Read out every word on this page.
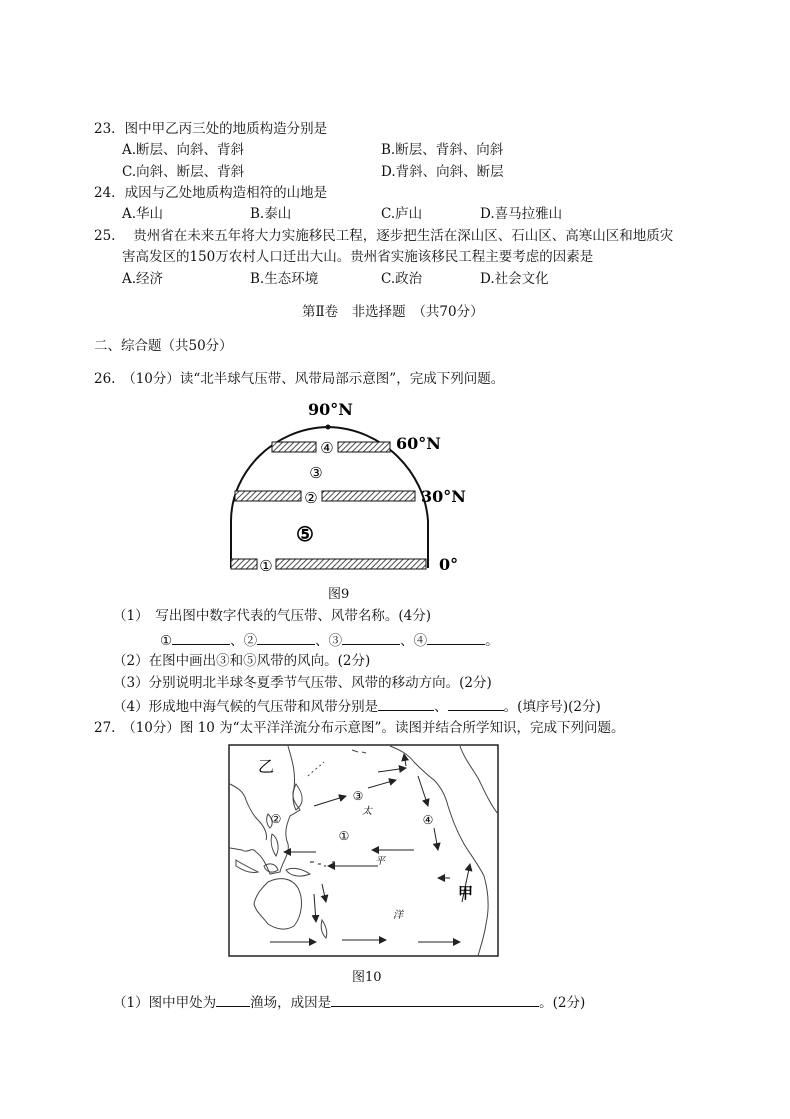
23．图中甲乙丙三处的地质构造分别是
A.断层、向斜、背斜	B.断层、背斜、向斜
C.向斜、断层、背斜	D.背斜、向斜、断层
24．成因与乙处地质构造相符的山地是
A.华山	B.泰山	C.庐山	D.喜马拉雅山
25.　 贵州省在未来五年将大力实施移民工程，逐步把生活在深山区、石山区、高寒山区和地质灾
害高发区的150万农村人口迁出大山。贵州省实施该移民工程主要考虑的因素是
A.经济	B.生态环境	C.政治	D.社会文化
第Ⅱ卷　非选择题　（共70分）
二、综合题（共50分）
26.　（10分）读“北半球气压带、风带局部示意图”，完成下列问题。
90°N
60°N
30°N
0°
④
③
②
⑤
①
图9
（1）　写出图中数字代表的气压带、风带名称。(4分)
①	、②	、③	、④	。
（2）在图中画出③和⑤风带的风向。(2分)
（3）分别说明北半球冬夏季节气压带、风带的移动方向。(2分)
（4）形成地中海气候的气压带和风带分别是	、	。(填序号)(2分)
27.　（10分）图 10 为“太平洋洋流分布示意图”。读图并结合所学知识，完成下列问题。
乙
甲
②
③
④
①
太
平
洋
图10
（1）图中甲处为	渔场，成因是	。(2分)
